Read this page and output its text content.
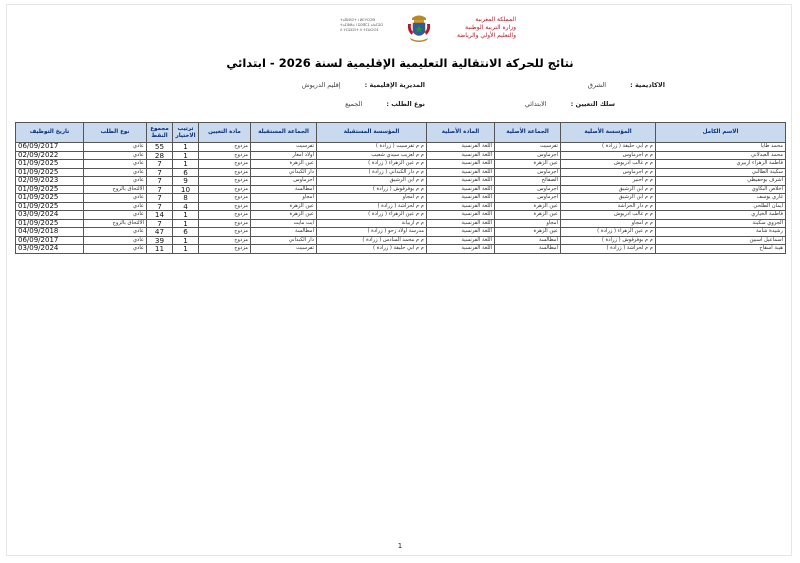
ⵜⴰⴳⵍⴷⵉⵜ ⵏ ⵍⵎⵖⵔⵉⴱ
ⵜⴰⵎⵀⵍⴰ ⵏ ⵓⵙⴳⵎⵉ ⴰⵏⴰⵎⵓⵔ
ⴷ ⵜⵎⵓⵣⵉⵏⵜ ⴷ ⵜⵉⵡⵔⵙⵉ
المملكة المغربية
وزارة التربية الوطنية
والتعليم الأولي والرياضة
نتائج للحركة الانتقالية التعليمية الإقليمية لسنة 2026 - ابتدائي
الاكاديمية : الشرق
المديرية الإقليمية : إقليم الدريوش
سلك التعيين : الابتدائي
نوع الطلب : الجميع
الاسم الكامل	المؤسسة الأصلية	الجماعة الأصلية	المادة الأصلية	المؤسسة المستقبلة	الجماعة المستقبلة	مادة التعيين	ترتيب الاختيار	مجموع النقط	نوع الطلب	تاريخ التوظيف
محمد طايا	م م ابي حليفة ( زرادة )	تفرسيت	اللغة الفرنسية	م م تفرسيت ( زرادة )	تفرسيت	مزدوج	1	55	عادي	06/09/2017
محمد العبدلاني	م م اجرماوس	اجرماوس	اللغة الفرنسية	م م لعزيب سيدي شعيب	أولاد امغار	مزدوج	1	28	عادي	02/09/2022
فاطمة الزهراء ازبيري	م م غالب ادريوش	عين الزهرة	اللغة الفرنسية	م م عين الزهراء ( زرادة )	عين الزهرة	مزدوج	1	7	عادي	01/09/2025
سكينة الطالبي	م م اجرماوس	اجرماوس	اللغة الفرنسية	م م دار الكبداني ( زرادة )	دار الكبداني	مزدوج	6	7	عادي	01/09/2025
اشرف بوحفيظي	م م احنير	الصفائح	اللغة الفرنسية	م م ابن الرشيق	اجرماوس	مزدوج	9	7	عادي	02/09/2023
اخلاص البكاوي	م م ابن الرشيق	اجرماوس	اللغة الفرنسية	م م بوفرقوش ( زرادة )	امطالسة	مزدوج	10	7	الالتحاق بالزوج	01/09/2025
غاري يوسف	م م ابن الرشيق	اجرماوس	اللغة الفرنسية	م م امجاو	امجاو	مزدوج	8	7	عادي	01/09/2025
ايمان الطلحي	م م دار الحراشة	عين الزهرة	اللغة الفرنسية	م م لحراشة ( زرادة )	عين الزهرة	مزدوج	4	7	عادي	01/09/2025
فاطمة الخياري	م م غالب ادريوش	عين الزهرة	اللغة الفرنسية	م م عين الزهراء ( زرادة )	عين الزهرة	مزدوج	1	14	عادي	03/09/2024
الجروي سكينة	م م امجاو	امجاو	اللغة الفرنسية	م م اربيانة	أيت مايت	مزدوج	1	7	الالتحاق بالزوج	01/09/2025
رشيدة شامة	م م عين الزهراء ( زرادة )	عين الزهرة	اللغة الفرنسية	مدرسة أولاد زحو ( زرادة )	امطالسة	مزدوج	6	47	عادي	04/09/2018
اسماعيل اسبين	م م بوفرقوش ( زرادة )	امطالسة	اللغة الفرنسية	م م محمد السادس ( زرادة )	دار الكبداني	مزدوج	1	39	عادي	06/09/2017
هيبة اسقاح	م م لحراشة ( زرادة )	امطالسة	اللغة الفرنسية	م م ابي حليفة ( زرادة )	تفرسيت	مزدوج	1	11	عادي	03/09/2024
1
